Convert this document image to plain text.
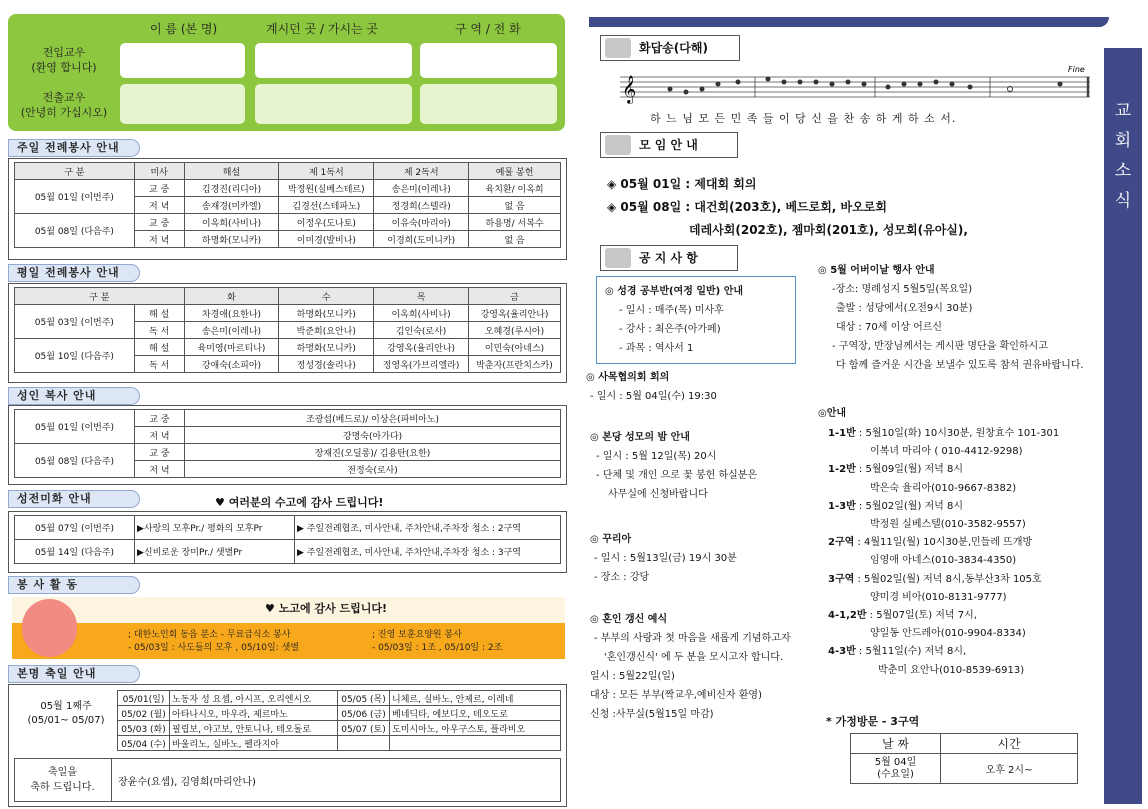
이 름 (본 명)	계시던 곳 / 가시는 곳	구 역 / 전 화
전입교우
(환영 합니다)
전출교우
(안녕히 가십시오)
주일 전례봉사 안내
구 분	미사	해설	제 1독서	제 2독서	예물 봉헌
05월 01일 (이번주)	교 중	김경진(리디아)	박정원(실베스테르)	송은미(이레나)	육치환/ 이옥희
	저 녁	송재경(미카엘)	김경선(스테파노)	정경희(스텔라)	없 음
05월 08일 (다음주)	교 중	이옥희(사비나)	이정우(도나토)	이유숙(마리아)	하용명/ 서복수
	저 녁	하명화(모니카)	이미경(발비나)	이경희(도미니카)	없 음
평일 전례봉사 안내
구 분		화	수	목	금
05월 03일 (이번주)	해 설	차경애(요한나)	하명화(모니카)	이옥희(사비나)	강영옥(율리안나)
	독 서	송은미(이레나)	박준희(요안나)	김인숙(로사)	오혜경(루시아)
05월 10일 (다음주)	해 설	육미영(마르티나)	하명화(모니카)	강영옥(율리안나)	이민숙(아네스)
	독 서	강애숙(소피아)	정성경(솔리나)	정영옥(가브리엘라)	박춘자(프란치스카)
성인 복사 안내
05월 01일 (이번주)	교 중	조광섭(베드로)/ 이상은(파비아노)
	저 녁	강명숙(아가다)
05월 08일 (다음주)	교 중	장재진(오딜롱)/ 김용탄(요한)
	저 녁	전정숙(로사)
성전미화 안내	♥ 여러분의 수고에 감사 드립니다!
05월 07일 (이번주)	▶사랑의 모후Pr./ 평화의 모후Pr	▶ 주일전례협조, 미사안내, 주차안내,주차장 청소 : 2구역
05월 14일 (다음주)	▶신비로운 장미Pr./ 샛별Pr	▶ 주일전례협조, 미사안내, 주차안내,주차장 청소 : 3구역
봉 사 활 동
♥ 노고에 감사 드립니다!
; 대한노인회 동읍 분소 - 무료급식소 봉사
- 05/03일 : 사도들의 모후 , 05/10일: 샛별
; 진영 보훈요양원 봉사
- 05/03일 : 1조 , 05/10일 : 2조
본명 축일 안내
05월 1째주
(05/01~ 05/07)
05/01(일)	노동자 성 요셉, 아시프, 오리엔시오	05/05 (목)	니체르, 실바노, 안제르, 이레네
05/02 (월)	아타나시오, 마우라, 제르마노	05/06 (금)	베네딕타, 에보디오, 테오도로
05/03 (화)	필립보, 야고보, 안토니나, 테오돌로	05/07 (토)	도미시아노, 아우구스토, 플라비오
05/04 (수)	바울리노, 실바노, 펠라지아		
축일을
축하 드립니다.	장윤수(요셉), 김영희(마리안나)
교
회
소
식
화답송(다해)
𝄞
Fine
하 느 님 모 든 민 족 들 이 당 신 을 찬 송 하 게 하 소 서.
모 임 안 내
◈ 05월 01일 : 제대회 회의
◈ 05월 08일 : 대건회(203호), 베드로회, 바오로회
데레사회(202호), 젬마회(201호), 성모회(유아실),
공 지 사 항
◎ 성경 공부반(여정 일반) 안내
- 일시 : 매주(목) 미사후
- 강사 : 최은주(아가페)
- 과목 : 역사서 1
◎ 사목협의회 회의
- 일시 : 5월 04일(수) 19:30
◎ 본당 성모의 밤 안내
- 일시 : 5월 12일(목) 20시
- 단체 및 개인 으로 꽃 봉헌 하실분은
사무실에 신청바랍니다
◎ 꾸리아
- 일시 : 5월13일(금) 19시 30분
- 장소 : 강당
◎ 혼인 갱신 예식
- 부부의 사랑과 첫 마음을 새롭게 기념하고자
'혼인갱신식' 에 두 분을 모시고자 합니다.
일시 : 5월22일(일)
대상 : 모든 부부(짝교우,예비신자 환영)
신청 :사무실(5월15일 마감)
◎ 5월 어버이날 행사 안내
-장소: 명례성지 5월5일(목요일)
출발 : 성당에서(오전9시 30분)
대상 : 70세 이상 어르신
- 구역장, 반장님께서는 게시판 명단을 확인하시고
다 함께 즐거운 시간을 보낼수 있도록 참석 권유바랍니다.
◎안내
1-1반 : 5월10일(화) 10시30분, 원창효수 101-301
이복녀 마리아 ( 010-4412-9298)
1-2반 : 5월09일(월) 저녁 8시
박은숙 율리아(010-9667-8382)
1-3반 : 5월02일(월) 저녁 8시
박정원 실베스텔(010-3582-9557)
2구역 : 4월11일(월) 10시30분,민들레 뜨개방
임영애 아네스(010-3834-4350)
3구역 : 5월02일(월) 저녁 8시,동부산3차 105호
양미경 비아(010-8131-9777)
4-1,2반 : 5월07일(토) 저녁 7시,
양일동 안드레아(010-9904-8334)
4-3반 : 5월11일(수) 저녁 8시,
박춘미 요안나(010-8539-6913)
* 가정방문 - 3구역
날 짜	시간

5월 04일
(수요일)	오후 2시~
